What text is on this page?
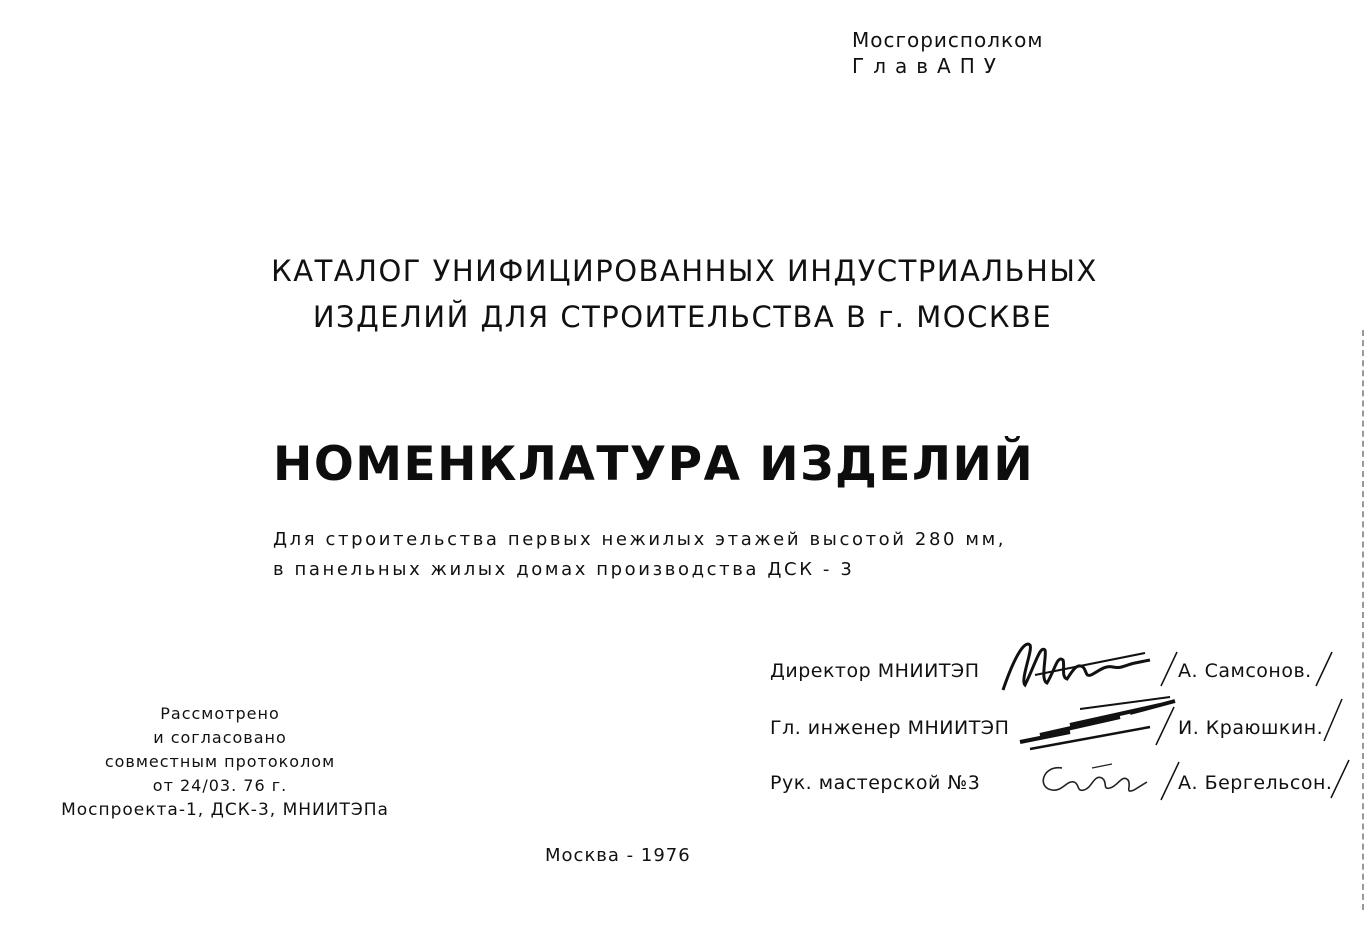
Мосгорисполком
ГлавАПУ
КАТАЛОГ УНИФИЦИРОВАННЫХ ИНДУСТРИАЛЬНЫХ
ИЗДЕЛИЙ ДЛЯ СТРОИТЕЛЬСТВА В г. МОСКВЕ
НОМЕНКЛАТУРА ИЗДЕЛИЙ
Для строительства первых нежилых этажей высотой 280 мм,
в панельных жилых домах производства ДСК - 3
Директор МНИИТЭП	А. Самсонов.
Гл. инженер МНИИТЭП	И. Краюшкин.
Рук. мастерской №3	А. Бергельсон.
Рассмотрено
и согласовано
совместным протоколом
от 24/03. 76 г.
Моспроекта-1, ДСК-3, МНИИТЭПа
Москва - 1976
